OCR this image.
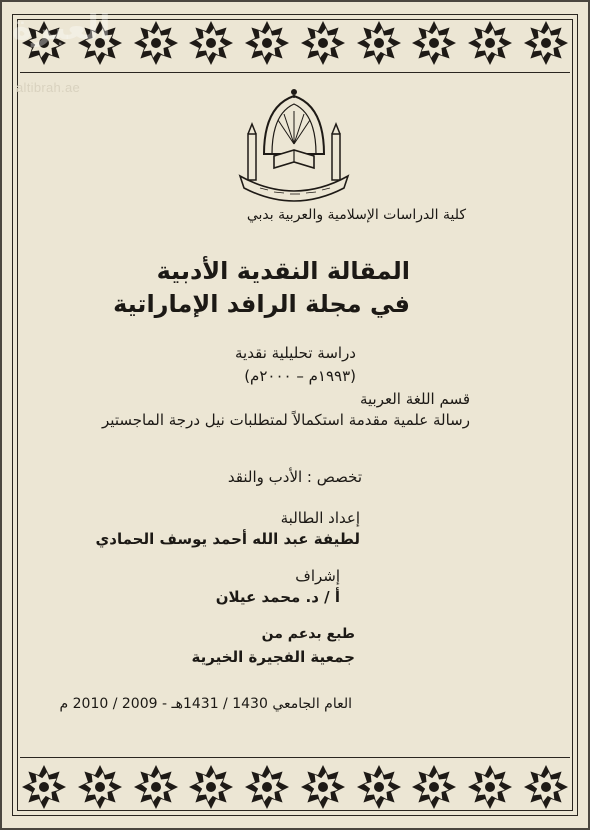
العبرة
altibrah.ae
كلية الدراسات الإسلامية والعربية بدبي
المقالة النقدية الأدبية
في مجلة الرافد الإماراتية
دراسة تحليلية نقدية
(١٩٩٣م – ٢٠٠٠م)
قسم اللغة العربية
رسالة علمية مقدمة استكمالاً لمتطلبات نيل درجة الماجستير
تخصص : الأدب والنقد
إعداد الطالبة
لطيفة عبد الله أحمد يوسف الحمادي
إشراف
أ / د. محمد عيلان
طبع بدعم من
جمعية الفجيرة الخيرية
العام الجامعي 1430 / 1431هـ - 2009 / 2010 م
